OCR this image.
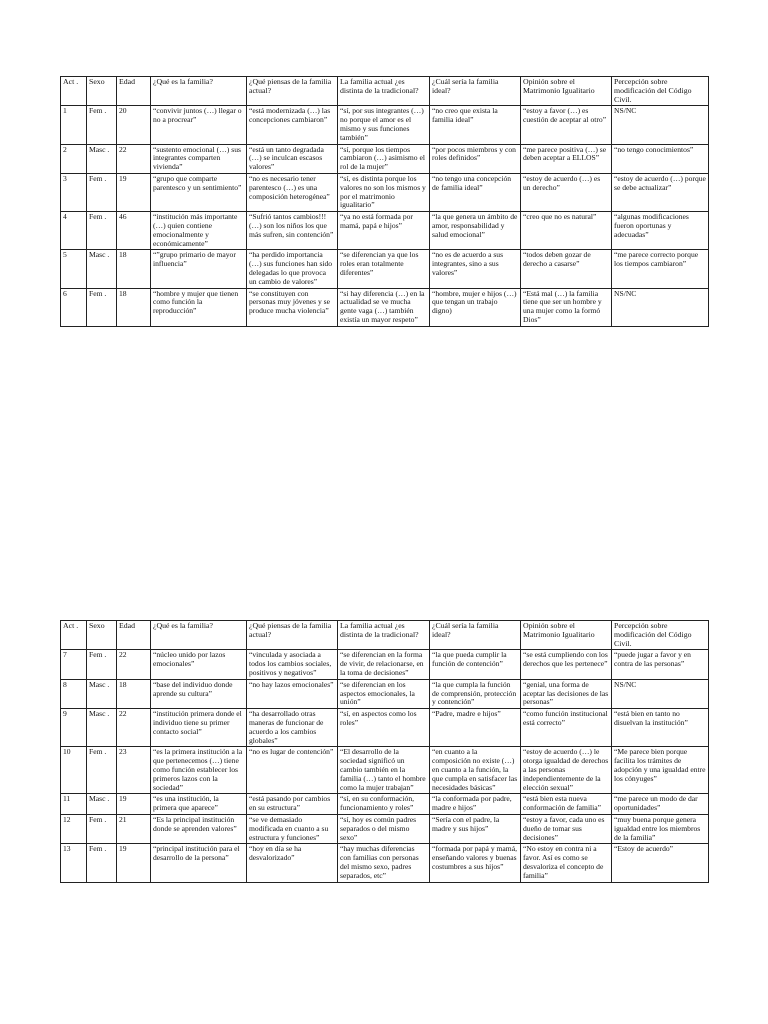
Act .	Sexo	Edad	¿Qué es la familia?	¿Qué piensas de la familia actual?	La familia actual ¿es distinta de la tradicional?	¿Cuál sería la familia ideal?	Opinión sobre el Matrimonio Igualitario	Percepción sobre modificación del Código Civil.
1	Fem .	20	“convivir juntos (…) llegar o no a procrear”	“está modernizada (…) las concepciones cambiaron”	“sí, por sus integrantes (…) no porque el amor es el mismo y sus funciones también”	“no creo que exista la familia ideal”	“estoy a favor (…) es cuestión de aceptar al otro”	NS/NC
2	Masc .	22	“sustento emocional (…) sus integrantes comparten vivienda”	“está un tanto degradada (…) se inculcan escasos valores”	“sí, porque los tiempos cambiaron (…) asimismo el rol de la mujer”	“por pocos miembros y con roles definidos”	“me parece positiva (…) se deben aceptar a ELLOS”	“no tengo conocimientos”
3	Fem .	19	“grupo que comparte parentesco y un sentimiento”	“no es necesario tener parentesco (…) es una composición heterogénea”	“sí, es distinta porque los valores no son los mismos y por el matrimonio igualitario”	“no tengo una concepción de familia ideal”	“estoy de acuerdo (…) es un derecho”	“estoy de acuerdo (…) porque se debe actualizar”
4	Fem .	46	“institución más importante (…) quien contiene emocionalmente y económicamente”	“Sufrió tantos cambios!!! (…) son los niños los que más sufren, sin contención”	“ya no está formada por mamá, papá e hijos”	“la que genera un ámbito de amor, responsabilidad y salud emocional”	“creo que no es natural”	“algunas modificaciones fueron oportunas y adecuadas”
5	Masc .	18	“”grupo primario de mayor influencia”	“ha perdido importancia (…) sus funciones han sido delegadas lo que provoca un cambio de valores”	“se diferencian ya que los roles eran totalmente diferentes”	“no es de acuerdo a sus integrantes, sino a sus valores”	“todos deben gozar de derecho a casarse”	“me parece correcto porque los tiempos cambiaron”
6	Fem .	18	“hombre y mujer que tienen como función la reproducción”	“se constituyen con personas muy jóvenes y se produce mucha violencia”	“si hay diferencia (…) en la actualidad se ve mucha gente vaga (…) también existía un mayor respeto”	“hombre, mujer e hijos (…) que tengan un trabajo digno)	“Está mal (…) la familia tiene que ser un hombre y una mujer como la formó Dios”	NS/NC
Act .	Sexo	Edad	¿Qué es la familia?	¿Qué piensas de la familia actual?	La familia actual ¿es distinta de la tradicional?	¿Cuál sería la familia ideal?	Opinión sobre el Matrimonio Igualitario	Percepción sobre modificación del Código Civil.
7	Fem .	22	“núcleo unido por lazos emocionales”	“vinculada y asociada a todos los cambios sociales, positivos y negativos”	“se diferencian en la forma de vivir, de relacionarse, en la toma de decisiones”	“la que pueda cumplir la función de contención”	“se está cumpliendo con los derechos que les pertenece”	“puede jugar a favor y en contra de las personas”
8	Masc .	18	“base del individuo donde aprende su cultura”	“no hay lazos emocionales”	“se diferencian en los aspectos emocionales, la unión”	“la que cumpla la función de comprensión, protección y contención”	“genial, una forma de aceptar las decisiones de las personas”	NS/NC
9	Masc .	22	“institución primera donde el individuo tiene su primer contacto social”	“ha desarrollado otras maneras de funcionar de acuerdo a los cambios globales”	“sí, en aspectos como los roles”	“Padre, madre e hijos”	“como función institucional está correcto”	“está bien en tanto no disuelvan la institución”
10	Fem .	23	“es la primera institución a la que pertenecemos (…) tiene como función establecer los primeros lazos con la sociedad”	“no es lugar de contención”	“El desarrollo de la sociedad significó un cambio también en la familia (…) tanto el hombre como la mujer trabajan”	“en cuanto a la composición no existe (…) en cuanto a la función, la que cumpla en satisfacer las necesidades básicas”	“estoy de acuerdo (…) le otorga igualdad de derechos a las personas independientemente de la elección sexual”	“Me parece bien porque facilita los trámites de adopción y una igualdad entre los cónyuges”
11	Masc .	19	“es una institución, la primera que aparece”	“está pasando por cambios en su estructura”	“sí, en su conformación, funcionamiento y roles”	“la conformada por padre, madre e hijos”	“está bien esta nueva conformación de familia”	“me parece un modo de dar oportunidades”
12	Fem .	21	“Es la principal institución donde se aprenden valores”	“se ve demasiado modificada en cuanto a su estructura y funciones”	“sí, hoy es común padres separados o del mismo sexo”	“Sería con el padre, la madre y sus hijos”	“estoy a favor, cada uno es dueño de tomar sus decisiones”	“muy buena porque genera igualdad entre los miembros de la familia”
13	Fem .	19	“principal institución para el desarrollo de la persona”	“hoy en día se ha desvalorizado”	“hay muchas diferencias con familias con personas del mismo sexo, padres separados, etc”	“formada por papá y mamá, enseñando valores y buenas costumbres a sus hijos”	“No estoy en contra ni a favor. Así es como se desvaloriza el concepto de familia”	“Estoy de acuerdo”
